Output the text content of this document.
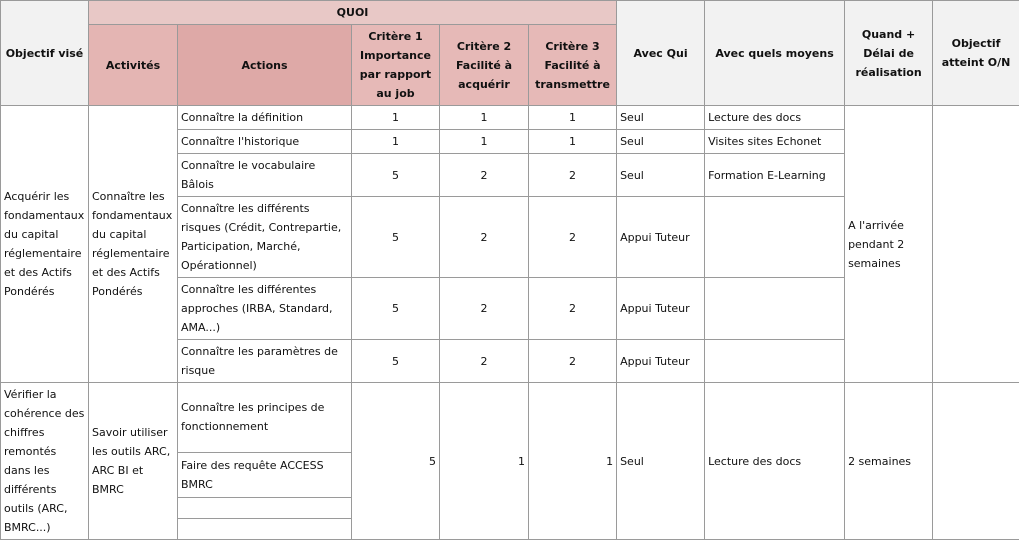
Objectif visé	QUOI					Avec Qui	Avec quels moyens	Quand + Délai de réalisation	Objectif atteint O/N
	Activités	Actions	Critère 1 Importance par rapport au job	Critère 2 Facilité à acquérir	Critère 3 Facilité à transmettre				
Acquérir les fondamentaux du capital réglementaire et des Actifs Pondérés	Connaître les fondamentaux du capital réglementaire et des Actifs Pondérés	Connaître la définition	1	1	1	Seul	Lecture des docs	A l'arrivée pendant 2 semaines	
		Connaître l'historique	1	1	1	Seul	Visites sites Echonet		
		Connaître le vocabulaire Bâlois	5	2	2	Seul	Formation E-Learning		
		Connaître les différents risques (Crédit, Contrepartie, Participation, Marché, Opérationnel)	5	2	2	Appui Tuteur			
		Connaître les différentes approches (IRBA, Standard, AMA...)	5	2	2	Appui Tuteur			
		Connaître les paramètres de risque	5	2	2	Appui Tuteur			
Vérifier la cohérence des chiffres remontés dans les différents outils (ARC, BMRC...)	Savoir utiliser les outils ARC, ARC BI et BMRC	Connaître les principes de fonctionnement	5	1	1	Seul	Lecture des docs	2 semaines	
		Faire des requête ACCESS BMRC							
